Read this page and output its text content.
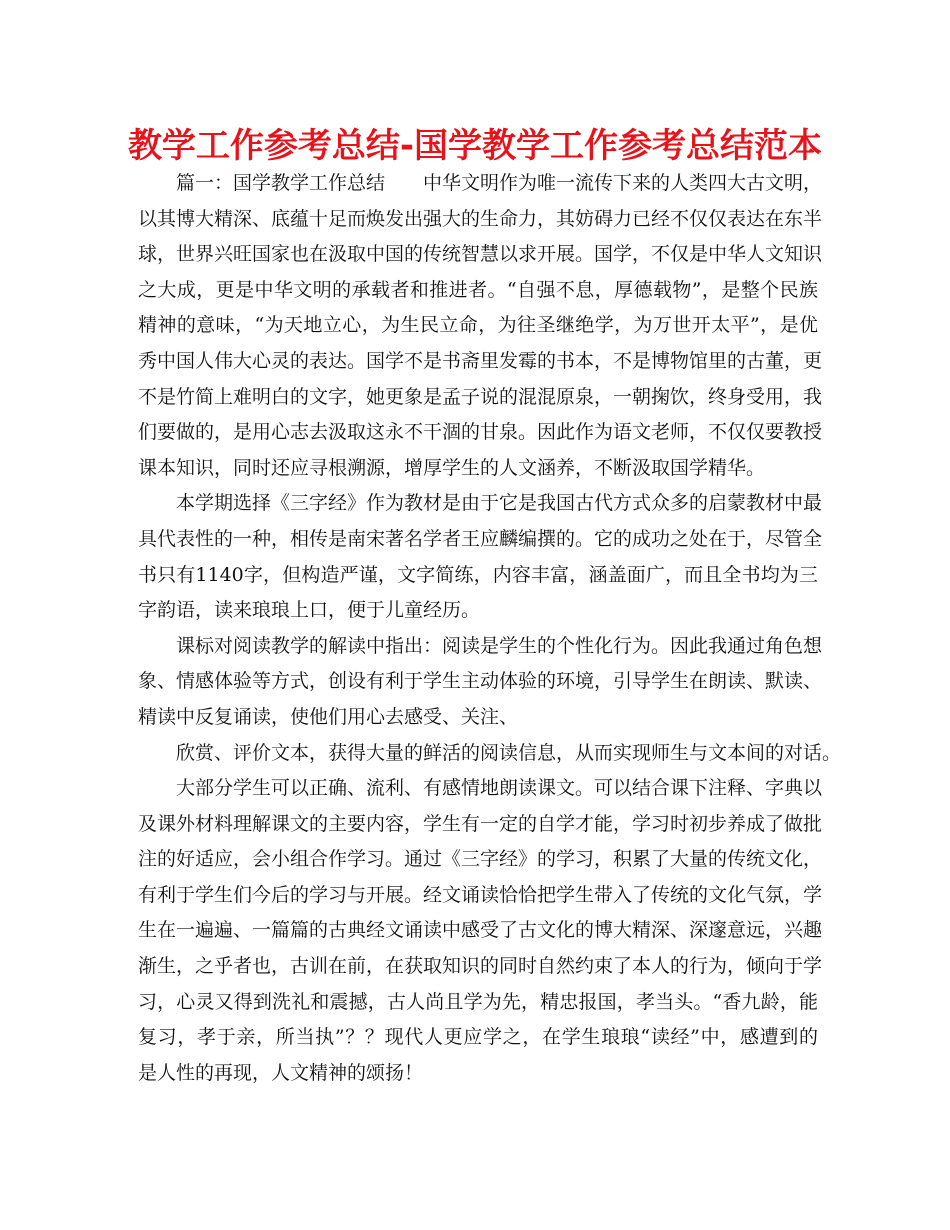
教学工作参考总结-国学教学工作参考总结范本
篇一：国学教学工作总结　　中华文明作为唯一流传下来的人类四大古文明，
以其博大精深、底蕴十足而焕发出强大的生命力，其妨碍力已经不仅仅表达在东半
球，世界兴旺国家也在汲取中国的传统智慧以求开展。国学，不仅是中华人文知识
之大成，更是中华文明的承载者和推进者。“自强不息，厚德载物”，是整个民族
精神的意味，“为天地立心，为生民立命，为往圣继绝学，为万世开太平”，是优
秀中国人伟大心灵的表达。国学不是书斋里发霉的书本，不是博物馆里的古董，更
不是竹简上难明白的文字，她更象是孟子说的混混原泉，一朝掬饮，终身受用，我
们要做的，是用心志去汲取这永不干涸的甘泉。因此作为语文老师，不仅仅要教授
课本知识，同时还应寻根溯源，增厚学生的人文涵养，不断汲取国学精华。
本学期选择《三字经》作为教材是由于它是我国古代方式众多的启蒙教材中最
具代表性的一种，相传是南宋著名学者王应麟编撰的。它的成功之处在于，尽管全
书只有1140字，但构造严谨，文字简练，内容丰富，涵盖面广，而且全书均为三
字韵语，读来琅琅上口，便于儿童经历。
课标对阅读教学的解读中指出：阅读是学生的个性化行为。因此我通过角色想
象、情感体验等方式，创设有利于学生主动体验的环境，引导学生在朗读、默读、
精读中反复诵读，使他们用心去感受、关注、
欣赏、评价文本，获得大量的鲜活的阅读信息，从而实现师生与文本间的对话。
大部分学生可以正确、流利、有感情地朗读课文。可以结合课下注释、字典以
及课外材料理解课文的主要内容，学生有一定的自学才能，学习时初步养成了做批
注的好适应，会小组合作学习。通过《三字经》的学习，积累了大量的传统文化，
有利于学生们今后的学习与开展。经文诵读恰恰把学生带入了传统的文化气氛，学
生在一遍遍、一篇篇的古典经文诵读中感受了古文化的博大精深、深邃意远，兴趣
渐生，之乎者也，古训在前，在获取知识的同时自然约束了本人的行为，倾向于学
习，心灵又得到洗礼和震撼，古人尚且学为先，精忠报国，孝当头。“香九龄，能
复习，孝于亲，所当执”？？现代人更应学之，在学生琅琅“读经”中，感遭到的
是人性的再现，人文精神的颂扬！
